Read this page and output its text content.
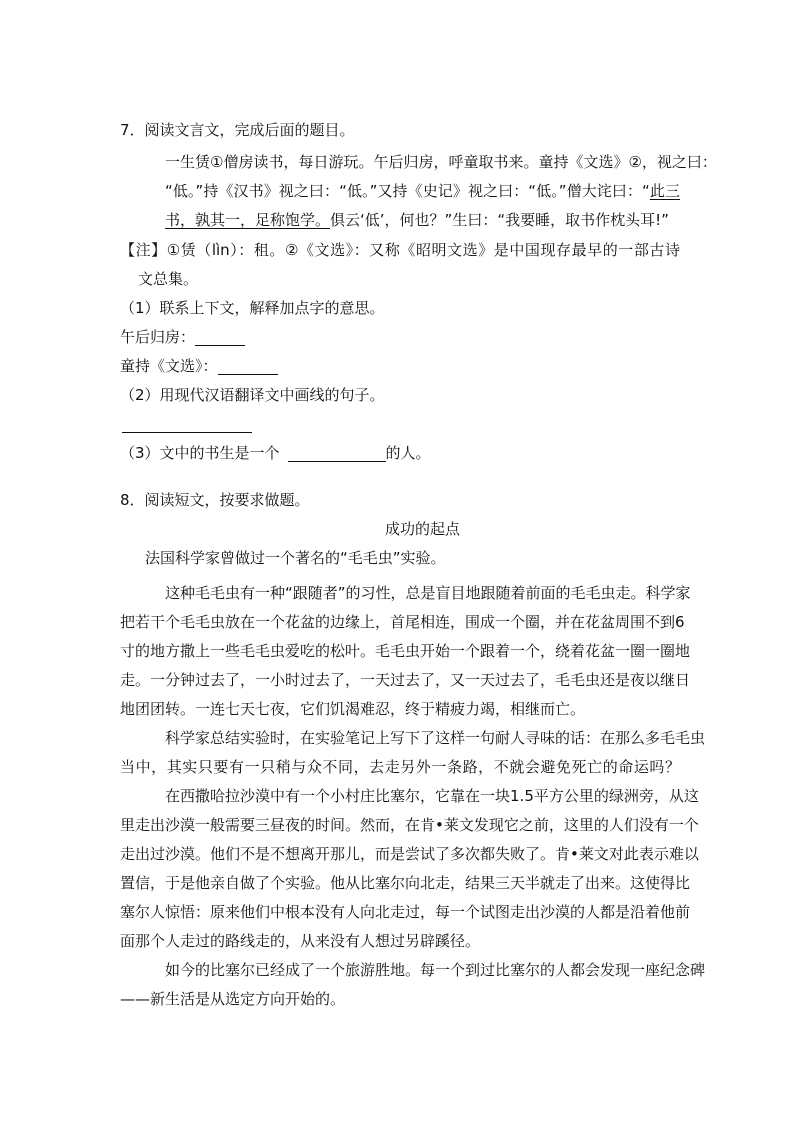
7．阅读文言文，完成后面的题目。
一生赁①僧房读书，每日游玩。午后归房，呼童取书来。童持《文选》②，视之曰：
“低。”持《汉书》视之曰：“低。”又持《史记》视之曰：“低。”僧大诧曰：“此三
书，孰其一，足称饱学。俱云‘低’，何也？”生曰：“我要睡，取书作枕头耳!”
【注】①赁（lìn）：租。②《文选》：又称《昭明文选》是中国现存最早的一部古诗
文总集。
（1）联系上下文，解释加点字的意思。
午后归房：
童持《文选》：
（2）用现代汉语翻译文中画线的句子。
（3）文中的书生是一个	的人。
8．阅读短文，按要求做题。
成功的起点
法国科学家曾做过一个著名的“毛毛虫”实验。
这种毛毛虫有一种“跟随者”的习性，总是盲目地跟随着前面的毛毛虫走。科学家
把若干个毛毛虫放在一个花盆的边缘上，首尾相连，围成一个圈，并在花盆周围不到6
寸的地方撒上一些毛毛虫爱吃的松叶。毛毛虫开始一个跟着一个，绕着花盆一圈一圈地
走。一分钟过去了，一小时过去了，一天过去了，又一天过去了，毛毛虫还是夜以继日
地团团转。一连七天七夜，它们饥渴难忍，终于精疲力竭，相继而亡。
科学家总结实验时，在实验笔记上写下了这样一句耐人寻味的话：在那么多毛毛虫
当中，其实只要有一只稍与众不同，去走另外一条路，不就会避免死亡的命运吗？
在西撒哈拉沙漠中有一个小村庄比塞尔，它靠在一块1.5平方公里的绿洲旁，从这
里走出沙漠一般需要三昼夜的时间。然而，在肯•莱文发现它之前，这里的人们没有一个
走出过沙漠。他们不是不想离开那儿，而是尝试了多次都失败了。肯•莱文对此表示难以
置信，于是他亲自做了个实验。他从比塞尔向北走，结果三天半就走了出来。这使得比
塞尔人惊悟：原来他们中根本没有人向北走过，每一个试图走出沙漠的人都是沿着他前
面那个人走过的路线走的，从来没有人想过另辟蹊径。
如今的比塞尔已经成了一个旅游胜地。每一个到过比塞尔的人都会发现一座纪念碑
——新生活是从选定方向开始的。
